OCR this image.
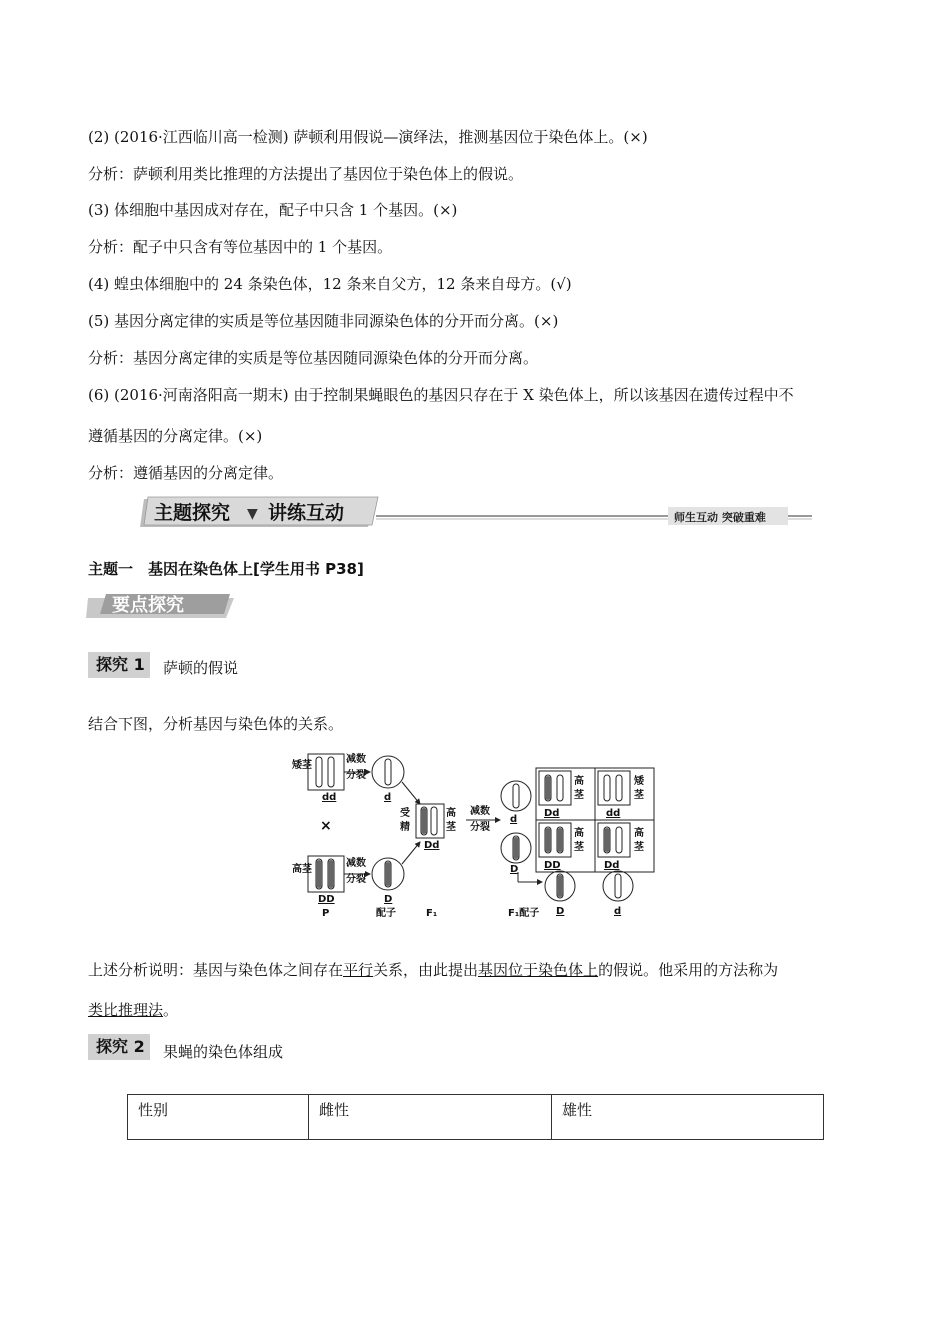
(2) (2016·江西临川高一检测) 萨顿利用假说—演绎法，推测基因位于染色体上。(×)
分析：萨顿利用类比推理的方法提出了基因位于染色体上的假说。
(3) 体细胞中基因成对存在，配子中只含 1 个基因。(×)
分析：配子中只含有等位基因中的 1 个基因。
(4) 蝗虫体细胞中的 24 条染色体，12 条来自父方，12 条来自母方。(√)
(5) 基因分离定律的实质是等位基因随非同源染色体的分开而分离。(×)
分析：基因分离定律的实质是等位基因随同源染色体的分开而分离。
(6) (2016·河南洛阳高一期末) 由于控制果蝇眼色的基因只存在于 X 染色体上，所以该基因在遗传过程中不
遵循基因的分离定律。(×)
分析：遵循基因的分离定律。
主题探究 ▼ 讲练互动	师生互动 突破重难
主题一　基因在染色体上[学生用书 P38]
要点探究
探究 1	萨顿的假说
结合下图，分析基因与染色体的关系。
矮茎
减数
分裂
dd	d
×
高茎
减数
分裂
DD	D
P	配子
受
精
高
茎
Dd
减数
分裂
F₁
d
D
F₁配子 D	d
高
茎
Dd
矮
茎
dd
高
茎
DD
高
茎
Dd
上述分析说明：基因与染色体之间存在平行关系，由此提出基因位于染色体上的假说。他采用的方法称为
类比推理法。
探究 2	果蝇的染色体组成
性别	雌性	雄性
